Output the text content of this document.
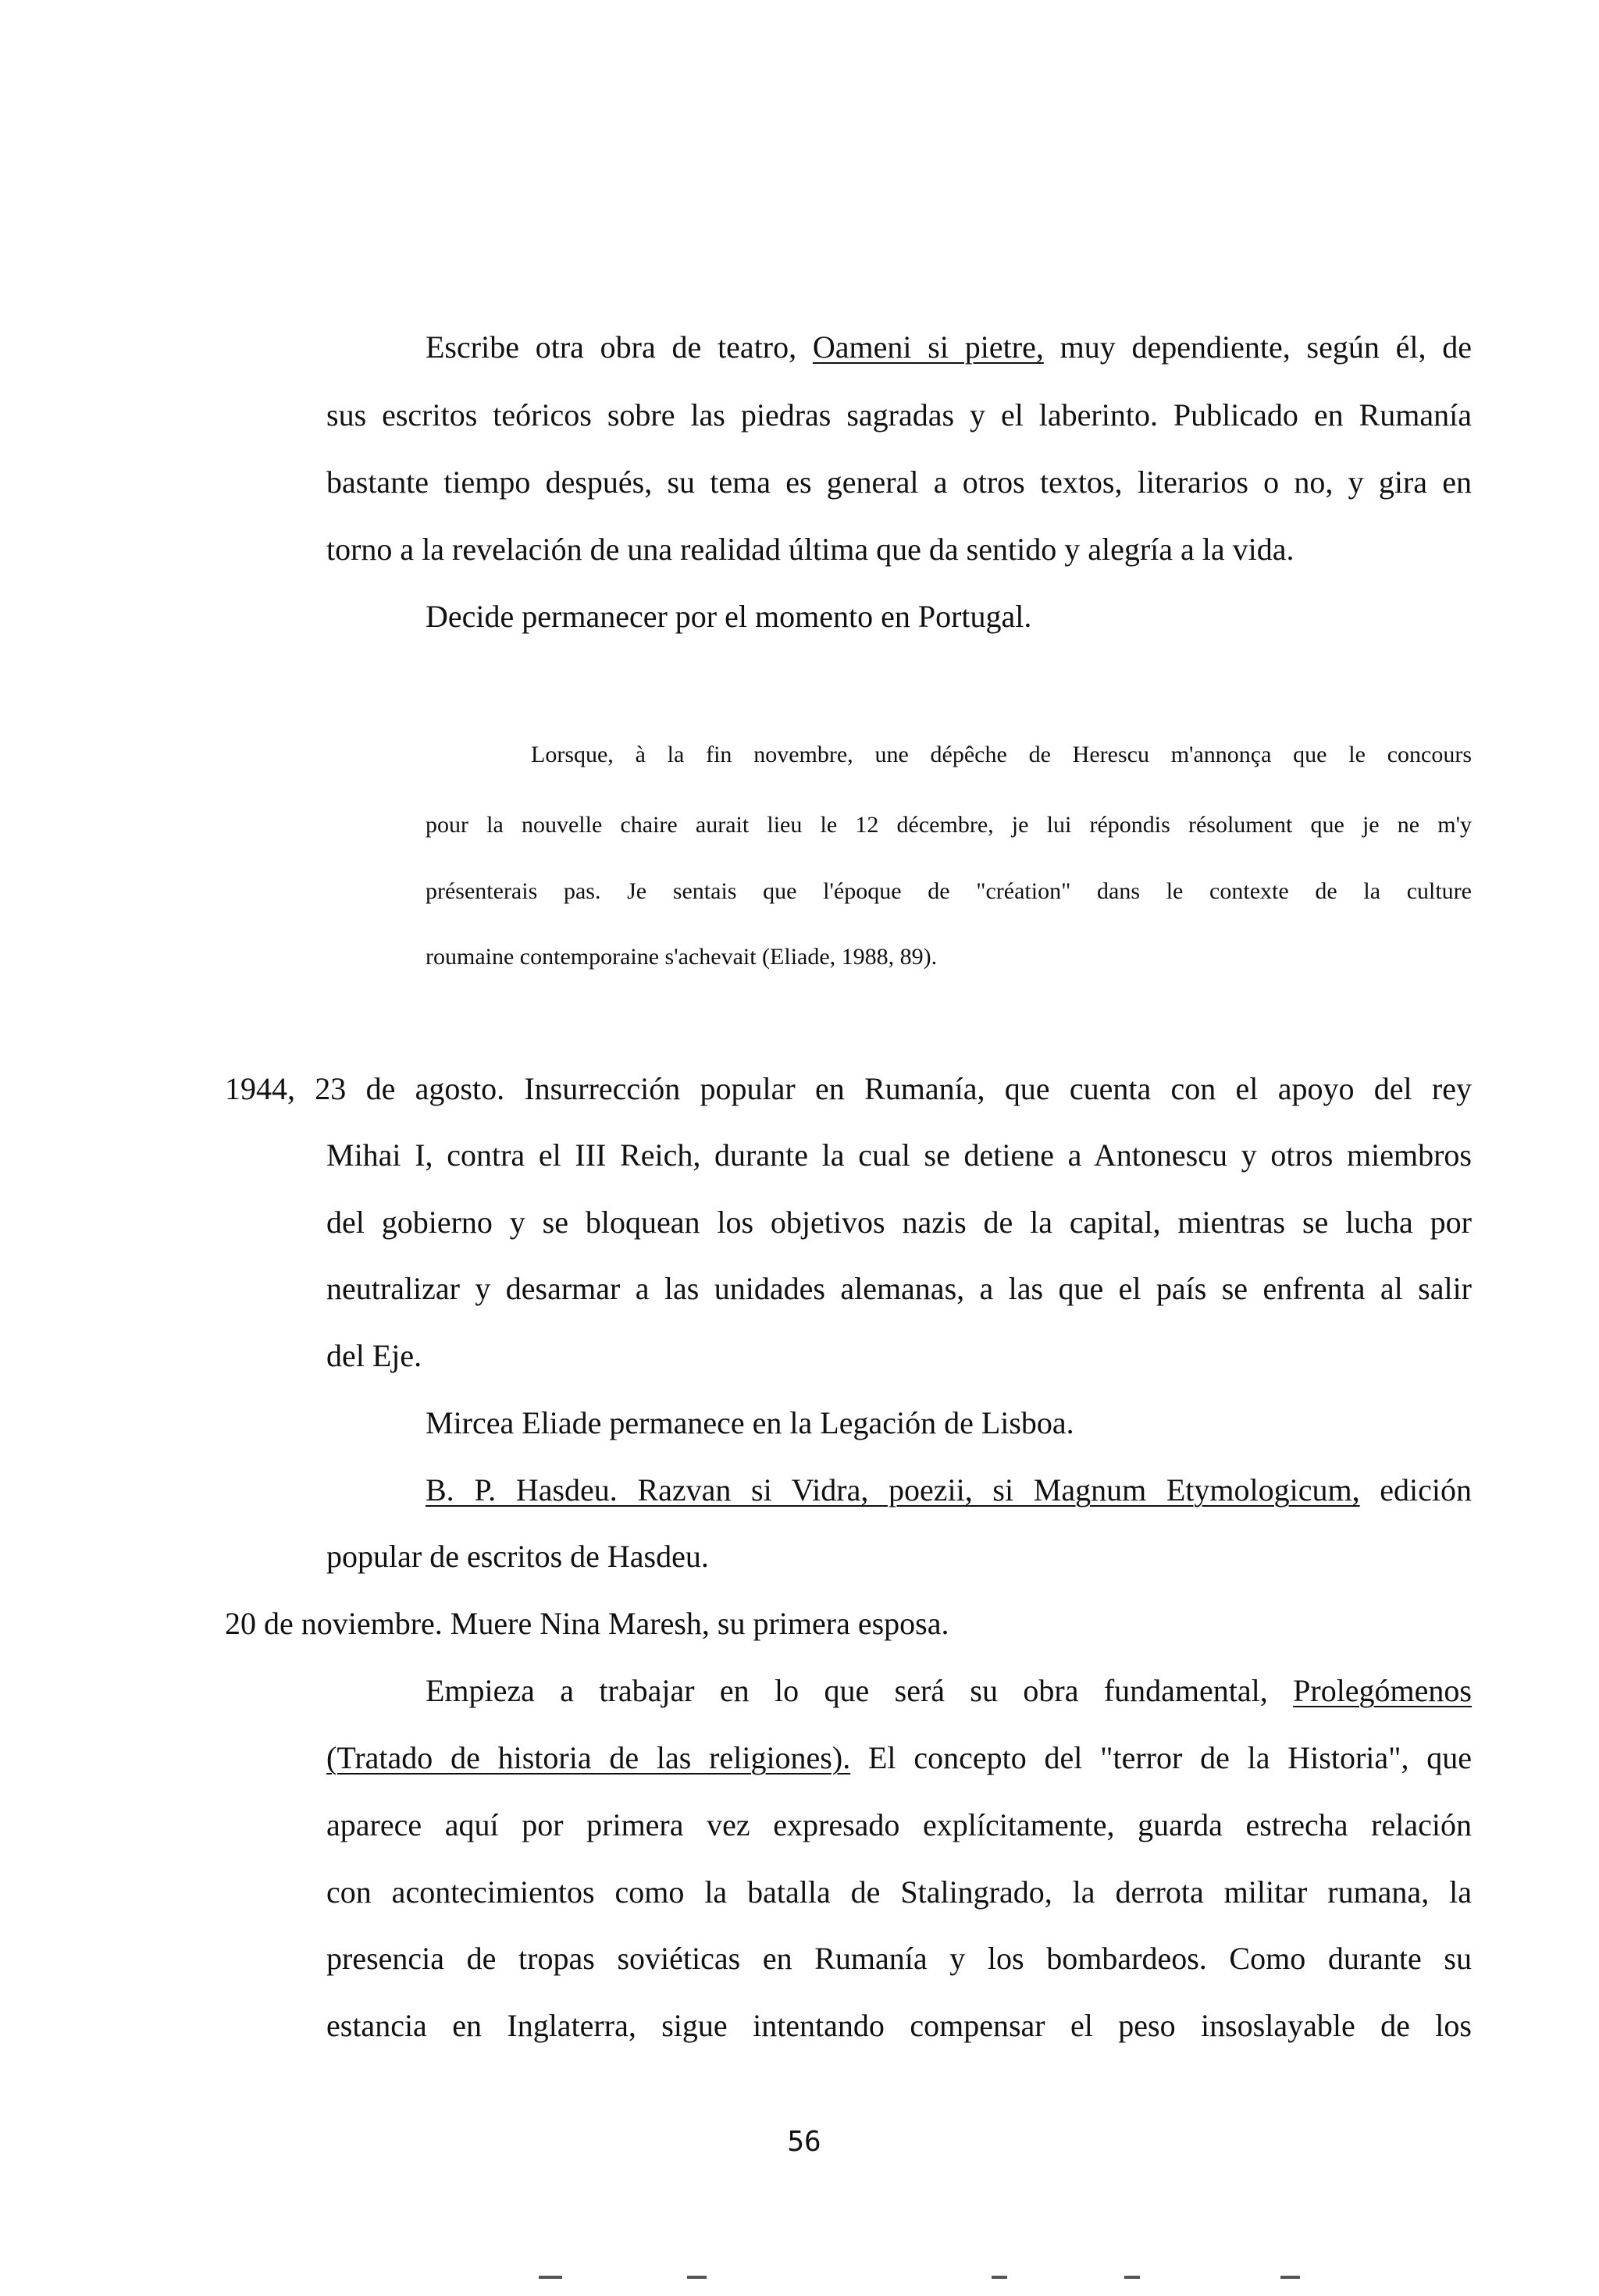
Escribe otra obra de teatro, Oameni si pietre, muy dependiente, según él, de
sus escritos teóricos sobre las piedras sagradas y el laberinto. Publicado en Rumanía
bastante tiempo después, su tema es general a otros textos, literarios o no, y gira en
torno a la revelación de una realidad última que da sentido y alegría a la vida.
Decide permanecer por el momento en Portugal.
Lorsque, à la fin novembre, une dépêche de Herescu m'annonça que le concours
pour la nouvelle chaire aurait lieu le 12 décembre, je lui répondis résolument que je ne m'y
présenterais pas. Je sentais que l'époque de "création" dans le contexte de la culture
roumaine contemporaine s'achevait (Eliade, 1988, 89).
1944, 23 de agosto. Insurrección popular en Rumanía, que cuenta con el apoyo del rey
Mihai I, contra el III Reich, durante la cual se detiene a Antonescu y otros miembros
del gobierno y se bloquean los objetivos nazis de la capital, mientras se lucha por
neutralizar y desarmar a las unidades alemanas, a las que el país se enfrenta al salir
del Eje.
Mircea Eliade permanece en la Legación de Lisboa.
B. P. Hasdeu. Razvan si Vidra, poezii, si Magnum Etymologicum, edición
popular de escritos de Hasdeu.
20 de noviembre. Muere Nina Maresh, su primera esposa.
Empieza a trabajar en lo que será su obra fundamental, Prolegómenos
(Tratado de historia de las religiones). El concepto del "terror de la Historia", que
aparece aquí por primera vez expresado explícitamente, guarda estrecha relación
con acontecimientos como la batalla de Stalingrado, la derrota militar rumana, la
presencia de tropas soviéticas en Rumanía y los bombardeos. Como durante su
estancia en Inglaterra, sigue intentando compensar el peso insoslayable de los
56
